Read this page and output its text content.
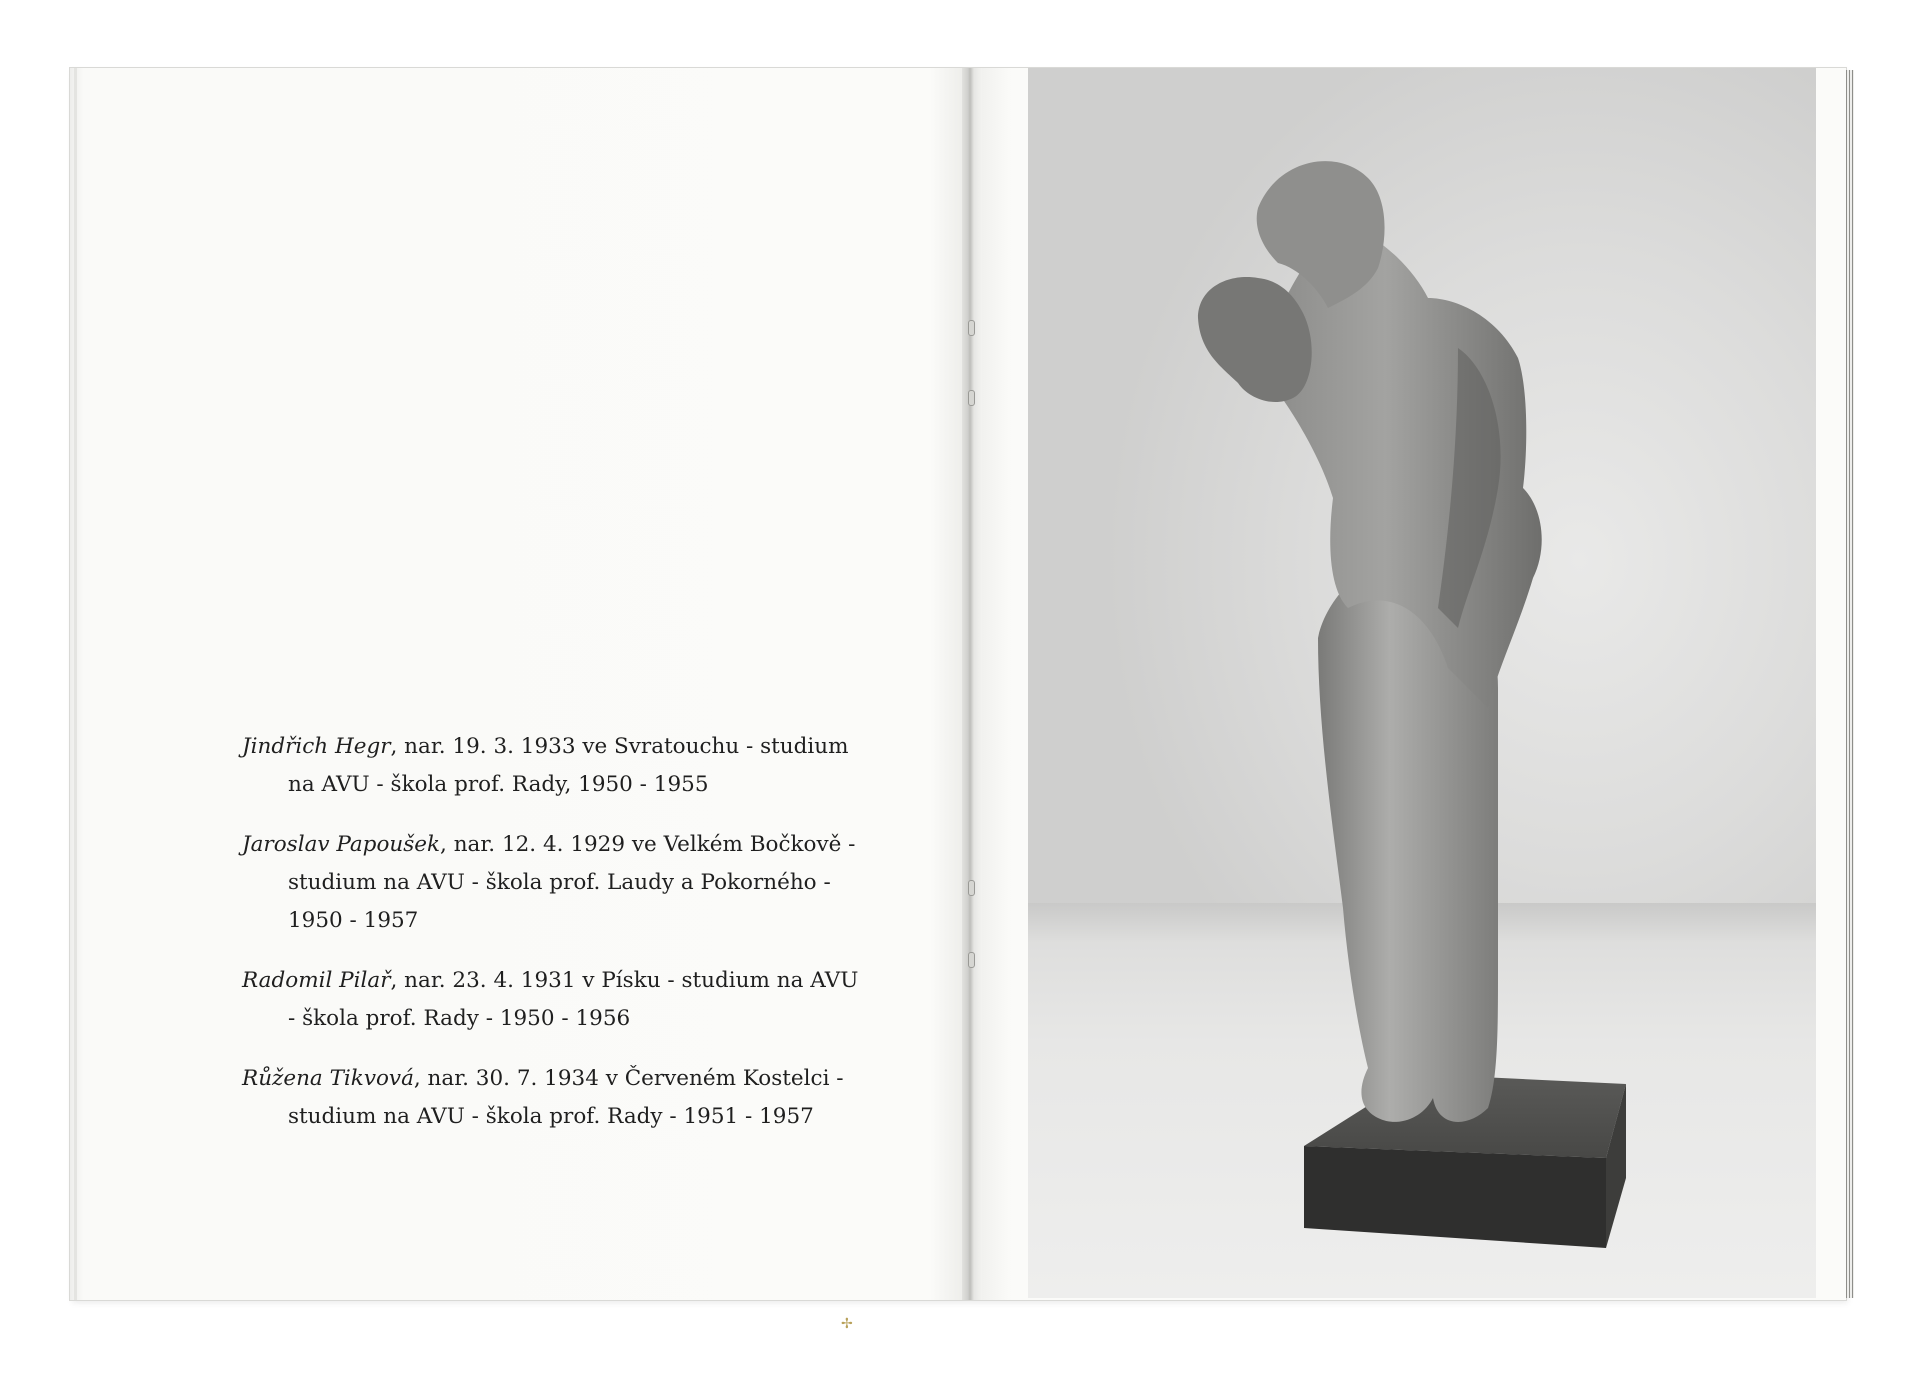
Jindřich Hegr, nar. 19. 3. 1933 ve Svratouchu - studium
na AVU - škola prof. Rady, 1950 - 1955

Jaroslav Papoušek, nar. 12. 4. 1929 ve Velkém Bočkově -
studium na AVU - škola prof. Laudy a Pokorného -
1950 - 1957

Radomil Pilař, nar. 23. 4. 1931 v Písku - studium na AVU
- škola prof. Rady - 1950 - 1956

Růžena Tikvová, nar. 30. 7. 1934 v Červeném Kostelci -
studium na AVU - škola prof. Rady - 1951 - 1957

✢
